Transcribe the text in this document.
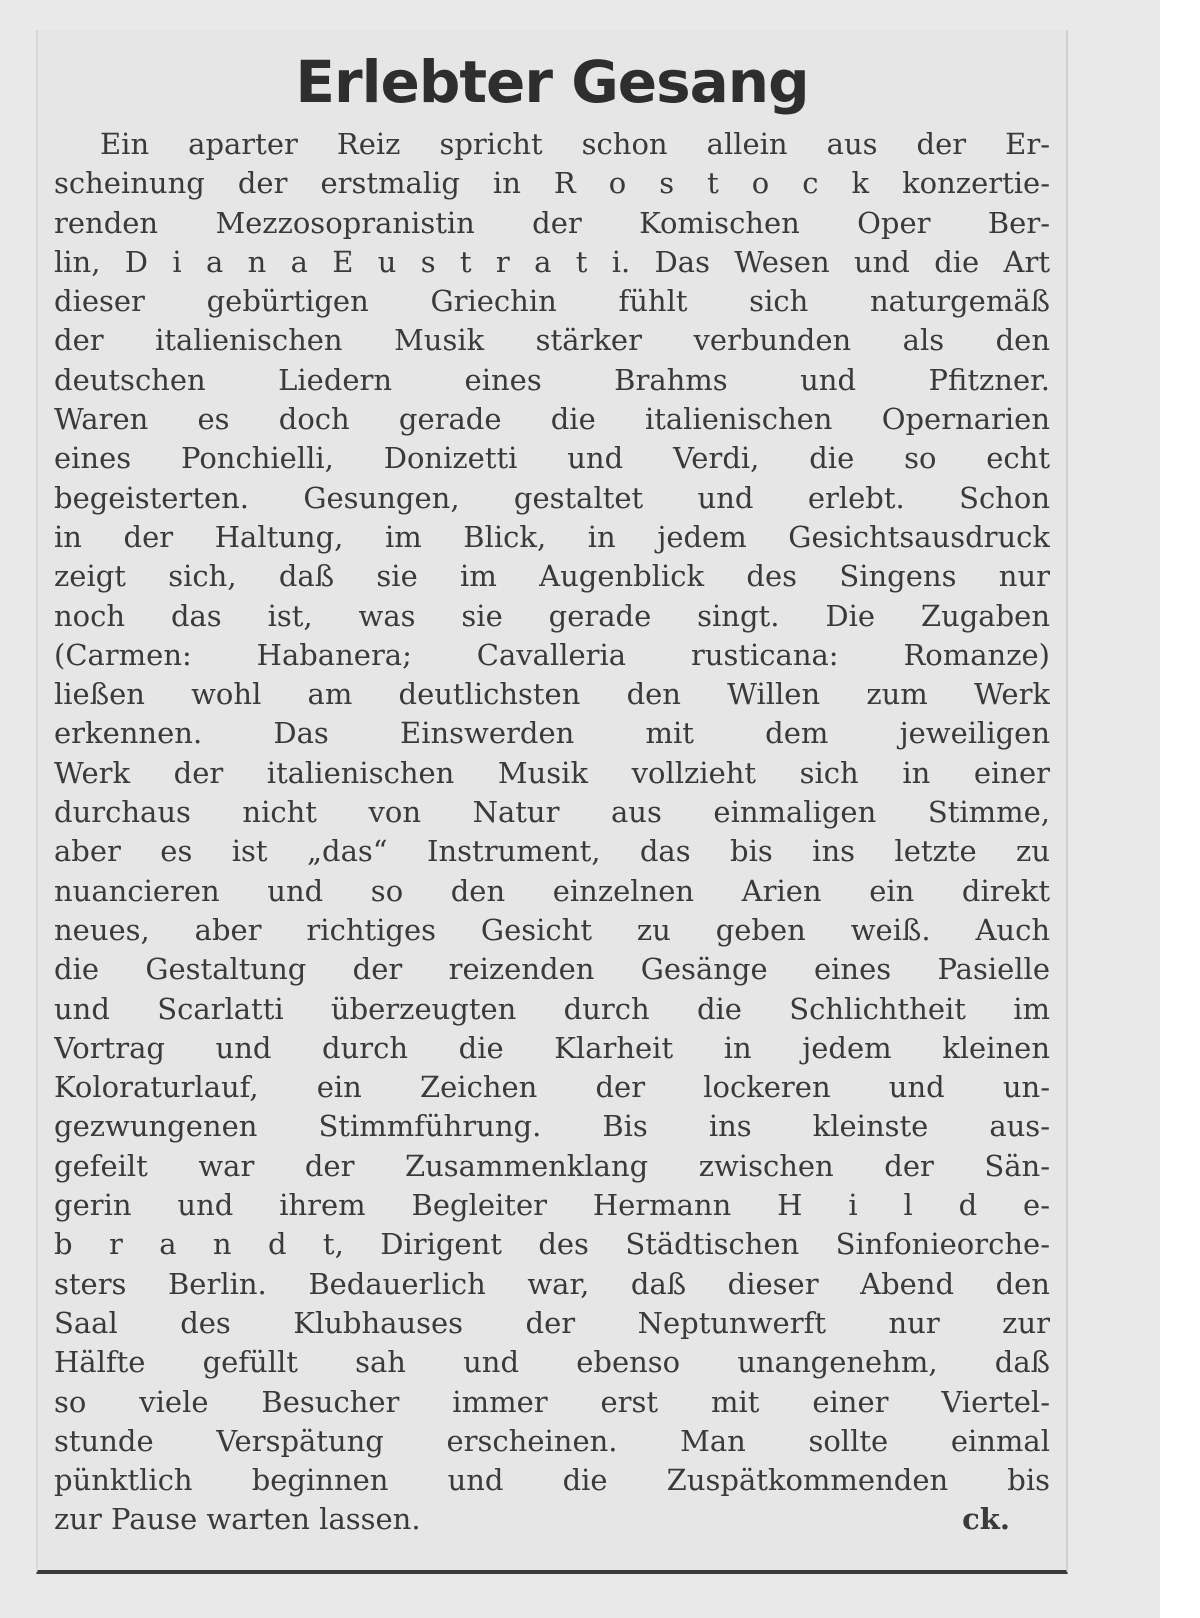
Erlebter Gesang
Ein aparter Reiz spricht schon allein aus der Er-
scheinung der erstmalig in R o s t o c k konzertie-
renden Mezzosopranistin der Komischen Oper Ber-
lin, D i a n a E u s t r a t i. Das Wesen und die Art
dieser gebürtigen Griechin fühlt sich naturgemäß
der italienischen Musik stärker verbunden als den
deutschen Liedern eines Brahms und Pfitzner.
Waren es doch gerade die italienischen Opernarien
eines Ponchielli, Donizetti und Verdi, die so echt
begeisterten. Gesungen, gestaltet und erlebt. Schon
in der Haltung, im Blick, in jedem Gesichtsausdruck
zeigt sich, daß sie im Augenblick des Singens nur
noch das ist, was sie gerade singt. Die Zugaben
(Carmen: Habanera; Cavalleria rusticana: Romanze)
ließen wohl am deutlichsten den Willen zum Werk
erkennen. Das Einswerden mit dem jeweiligen
Werk der italienischen Musik vollzieht sich in einer
durchaus nicht von Natur aus einmaligen Stimme,
aber es ist „das“ Instrument, das bis ins letzte zu
nuancieren und so den einzelnen Arien ein direkt
neues, aber richtiges Gesicht zu geben weiß. Auch
die Gestaltung der reizenden Gesänge eines Pasielle
und Scarlatti überzeugten durch die Schlichtheit im
Vortrag und durch die Klarheit in jedem kleinen
Koloraturlauf, ein Zeichen der lockeren und un-
gezwungenen Stimmführung. Bis ins kleinste aus-
gefeilt war der Zusammenklang zwischen der Sän-
gerin und ihrem Begleiter Hermann H i l d e-
b r a n d t, Dirigent des Städtischen Sinfonieorche-
sters Berlin. Bedauerlich war, daß dieser Abend den
Saal des Klubhauses der Neptunwerft nur zur
Hälfte gefüllt sah und ebenso unangenehm, daß
so viele Besucher immer erst mit einer Viertel-
stunde Verspätung erscheinen. Man sollte einmal
pünktlich beginnen und die Zuspätkommenden bis
zur Pause warten lassen.	ck.
